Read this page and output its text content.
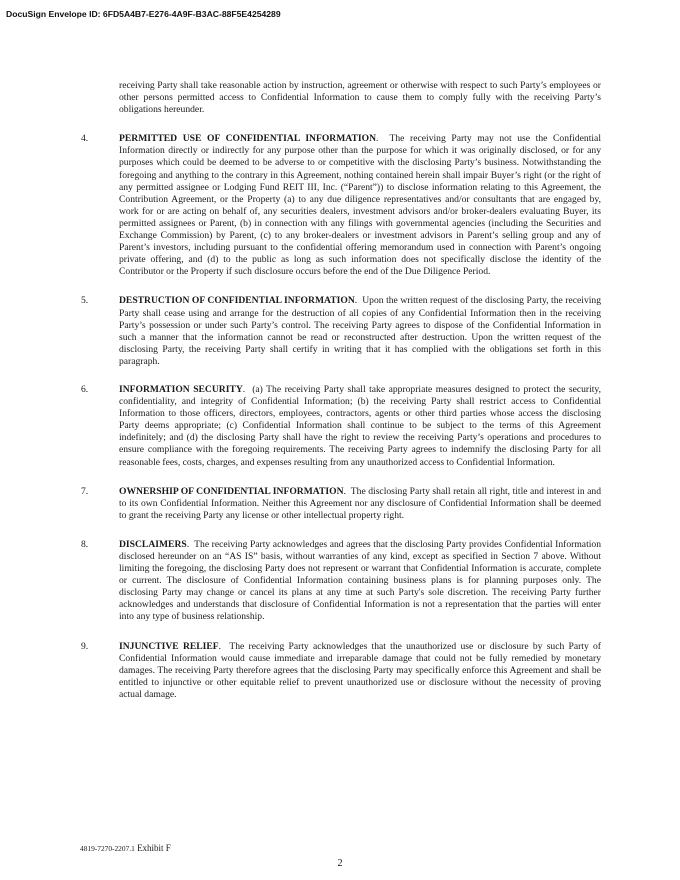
DocuSign Envelope ID: 6FD5A4B7-E276-4A9F-B3AC-88F5E4254289

receiving Party shall take reasonable action by instruction, agreement or otherwise with respect to such Party’s employees or other persons permitted access to Confidential Information to cause them to comply fully with the receiving Party’s obligations hereunder.

4.	PERMITTED USE OF CONFIDENTIAL INFORMATION.  The receiving Party may not use the Confidential Information directly or indirectly for any purpose other than the purpose for which it was originally disclosed, or for any purposes which could be deemed to be adverse to or competitive with the disclosing Party’s business. Notwithstanding the foregoing and anything to the contrary in this Agreement, nothing contained herein shall impair Buyer’s right (or the right of any permitted assignee or Lodging Fund REIT III, Inc. (“Parent”)) to disclose information relating to this Agreement, the Contribution Agreement, or the Property (a) to any due diligence representatives and/or consultants that are engaged by, work for or are acting on behalf of, any securities dealers, investment advisors and/or broker-dealers evaluating Buyer, its permitted assignees or Parent, (b) in connection with any filings with governmental agencies (including the Securities and Exchange Commission) by Parent, (c) to any broker-dealers or investment advisors in Parent’s selling group and any of Parent’s investors, including pursuant to the confidential offering memorandum used in connection with Parent’s ongoing private offering, and (d) to the public as long as such information does not specifically disclose the identity of the Contributor or the Property if such disclosure occurs before the end of the Due Diligence Period.

5.	DESTRUCTION OF CONFIDENTIAL INFORMATION.  Upon the written request of the disclosing Party, the receiving Party shall cease using and arrange for the destruction of all copies of any Confidential Information then in the receiving Party’s possession or under such Party’s control. The receiving Party agrees to dispose of the Confidential Information in such a manner that the information cannot be read or reconstructed after destruction. Upon the written request of the disclosing Party, the receiving Party shall certify in writing that it has complied with the obligations set forth in this paragraph.

6.	INFORMATION SECURITY.  (a) The receiving Party shall take appropriate measures designed to protect the security, confidentiality, and integrity of Confidential Information; (b) the receiving Party shall restrict access to Confidential Information to those officers, directors, employees, contractors, agents or other third parties whose access the disclosing Party deems appropriate; (c) Confidential Information shall continue to be subject to the terms of this Agreement indefinitely; and (d) the disclosing Party shall have the right to review the receiving Party’s operations and procedures to ensure compliance with the foregoing requirements. The receiving Party agrees to indemnify the disclosing Party for all reasonable fees, costs, charges, and expenses resulting from any unauthorized access to Confidential Information.

7.	OWNERSHIP OF CONFIDENTIAL INFORMATION.  The disclosing Party shall retain all right, title and interest in and to its own Confidential Information. Neither this Agreement nor any disclosure of Confidential Information shall be deemed to grant the receiving Party any license or other intellectual property right.

8.	DISCLAIMERS.  The receiving Party acknowledges and agrees that the disclosing Party provides Confidential Information disclosed hereunder on an “AS IS” basis, without warranties of any kind, except as specified in Section 7 above. Without limiting the foregoing, the disclosing Party does not represent or warrant that Confidential Information is accurate, complete or current. The disclosure of Confidential Information containing business plans is for planning purposes only. The disclosing Party may change or cancel its plans at any time at such Party's sole discretion. The receiving Party further acknowledges and understands that disclosure of Confidential Information is not a representation that the parties will enter into any type of business relationship.

9.	INJUNCTIVE RELIEF.  The receiving Party acknowledges that the unauthorized use or disclosure by such Party of Confidential Information would cause immediate and irreparable damage that could not be fully remedied by monetary damages. The receiving Party therefore agrees that the disclosing Party may specifically enforce this Agreement and shall be entitled to injunctive or other equitable relief to prevent unauthorized use or disclosure without the necessity of proving actual damage.

4819-7270-2207.1 Exhibit F
2
